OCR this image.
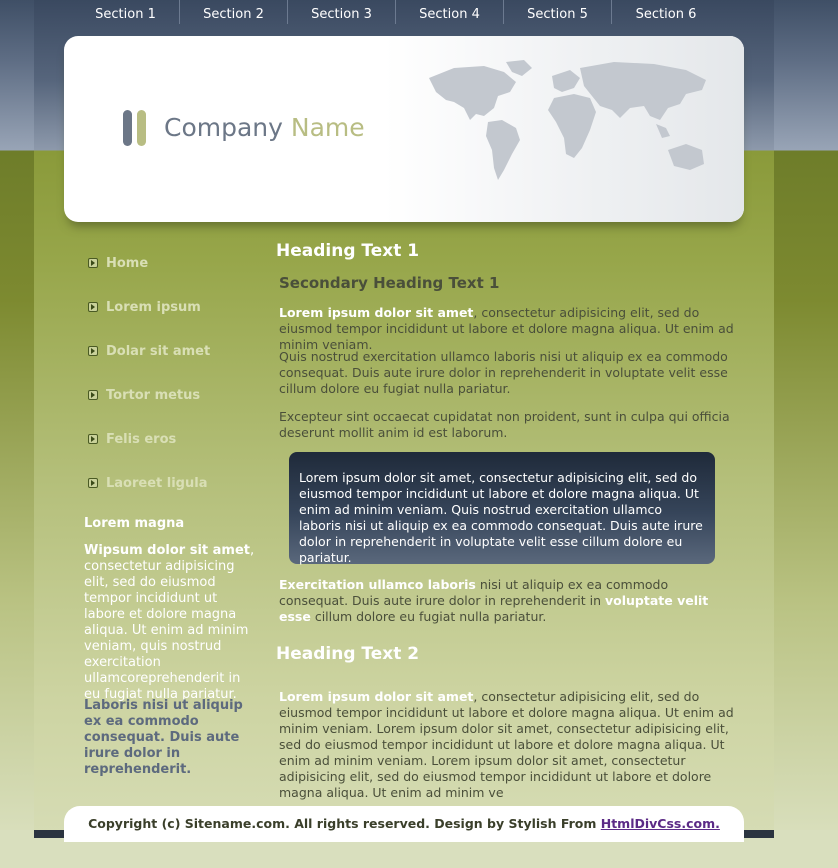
Section 1	Section 2	Section 3	Section 4	Section 5	Section 6
Company Name
Home
Lorem ipsum
Dolar sit amet
Tortor metus
Felis eros
Laoreet ligula
Lorem magna
Wipsum dolor sit amet, consectetur adipisicing elit, sed do eiusmod tempor incididunt ut labore et dolore magna aliqua. Ut enim ad minim veniam, quis nostrud exercitation ullamcoreprehenderit in eu fugiat nulla pariatur.
Laboris nisi ut aliquip ex ea commodo consequat. Duis aute irure dolor in reprehenderit.
Heading Text 1
Secondary Heading Text 1
Lorem ipsum dolor sit amet, consectetur adipisicing elit, sed do eiusmod tempor incididunt ut labore et dolore magna aliqua. Ut enim ad minim veniam.
Quis nostrud exercitation ullamco laboris nisi ut aliquip ex ea commodo consequat. Duis aute irure dolor in reprehenderit in voluptate velit esse cillum dolore eu fugiat nulla pariatur.
Excepteur sint occaecat cupidatat non proident, sunt in culpa qui officia deserunt mollit anim id est laborum.
Lorem ipsum dolor sit amet, consectetur adipisicing elit, sed do eiusmod tempor incididunt ut labore et dolore magna aliqua. Ut enim ad minim veniam. Quis nostrud exercitation ullamco laboris nisi ut aliquip ex ea commodo consequat. Duis aute irure dolor in reprehenderit in voluptate velit esse cillum dolore eu pariatur.
Exercitation ullamco laboris nisi ut aliquip ex ea commodo consequat. Duis aute irure dolor in reprehenderit in voluptate velit esse cillum dolore eu fugiat nulla pariatur.
Heading Text 2
Lorem ipsum dolor sit amet, consectetur adipisicing elit, sed do eiusmod tempor incididunt ut labore et dolore magna aliqua. Ut enim ad minim veniam. Lorem ipsum dolor sit amet, consectetur adipisicing elit, sed do eiusmod tempor incididunt ut labore et dolore magna aliqua. Ut enim ad minim veniam. Lorem ipsum dolor sit amet, consectetur adipisicing elit, sed do eiusmod tempor incididunt ut labore et dolore magna aliqua. Ut enim ad minim ve
Copyright (c) Sitename.com. All rights reserved. Design by Stylish From HtmlDivCss.com.
